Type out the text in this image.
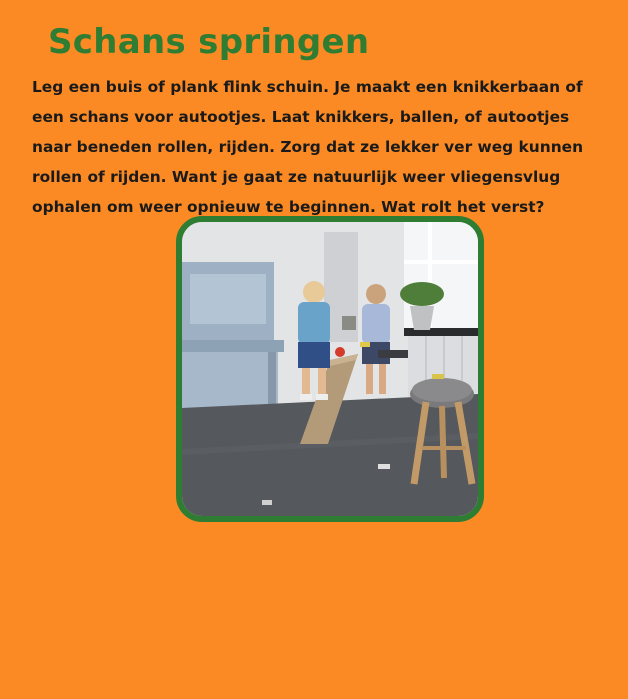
Schans springen

Leg een buis of plank flink schuin. Je maakt een knikkerbaan of een schans voor autootjes. Laat knikkers, ballen, of autootjes naar beneden rollen, rijden. Zorg dat ze lekker ver weg kunnen rollen of rijden. Want je gaat ze natuurlijk weer vliegensvlug ophalen om weer opnieuw te beginnen. Wat rolt het verst?
